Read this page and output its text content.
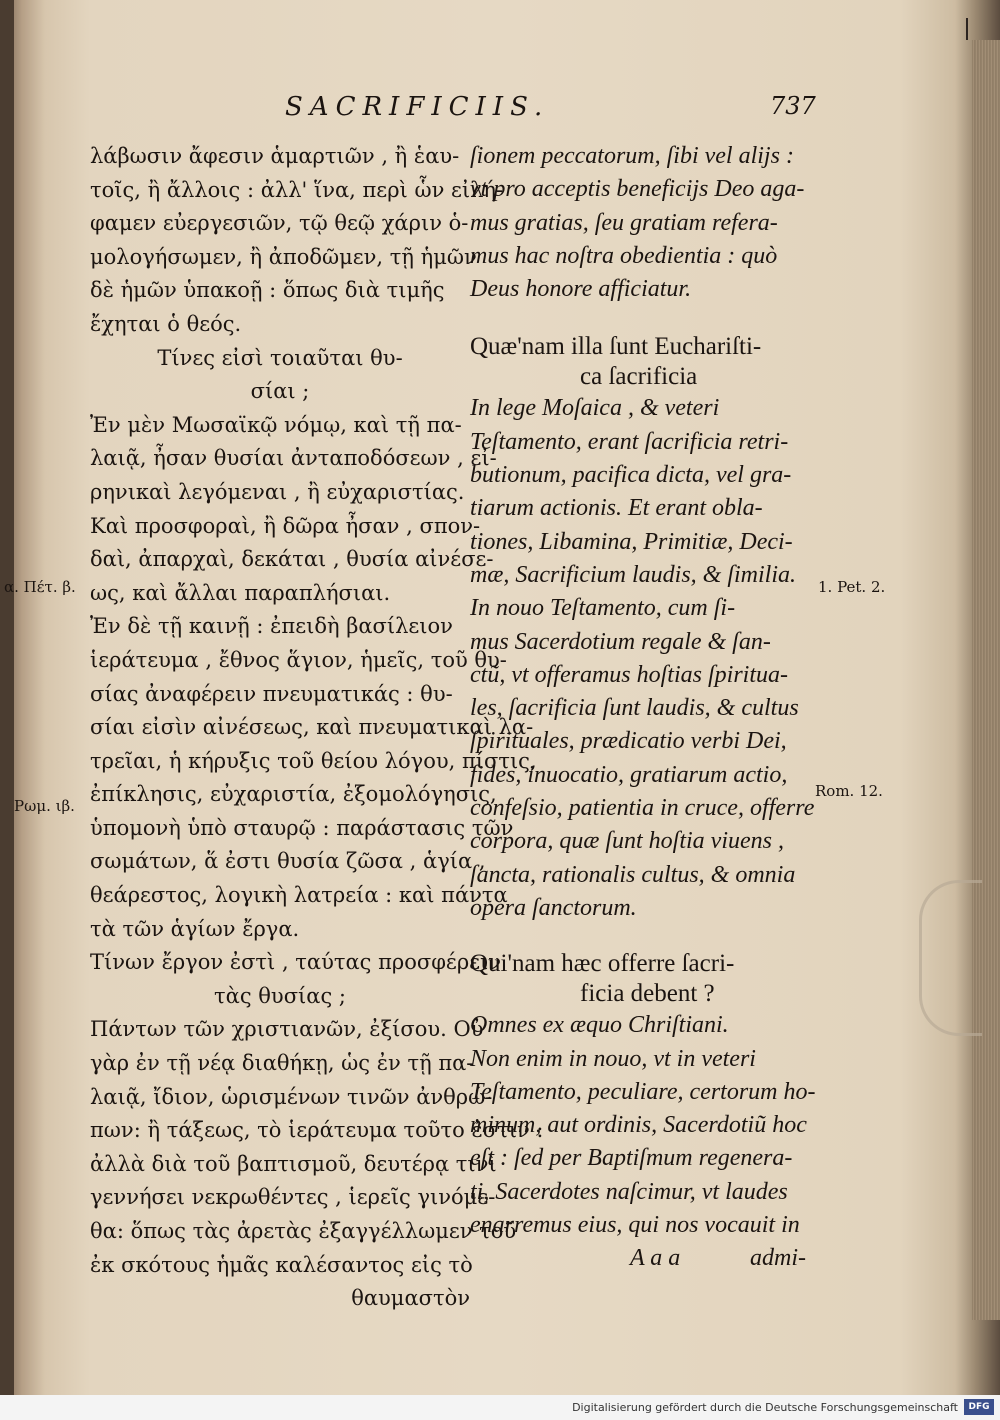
SACRIFICIIS.	737
λάβωσιν ἄφεσιν ἁμαρτιῶν , ἢ ἑαυ-
τοῖς, ἢ ἄλλοις : ἀλλ' ἵνα, περὶ ὧν εἰλή-
φαμεν εὐεργεσιῶν, τῷ θεῷ χάριν ὁ-
μολογήσωμεν, ἢ ἀποδῶμεν, τῇ ἡμῶν
δὲ ἡμῶν ὑπακοῇ : ὅπως διὰ τιμῆς
ἔχηται ὁ θεός.
Τίνες εἰσὶ τοιαῦται θυ-
σίαι ;
Ἐν μὲν Μωσαϊκῷ νόμῳ, καὶ τῇ πα-
λαιᾷ, ἦσαν θυσίαι ἀνταποδόσεων , εἰ-
ρηνικαὶ λεγόμεναι , ἢ εὐχαριστίας.
Καὶ προσφοραὶ, ἢ δῶρα ἦσαν , σπον-
δαὶ, ἀπαρχαὶ, δεκάται , θυσία αἰνέσε-
ως, καὶ ἄλλαι παραπλήσιαι.
Ἐν δὲ τῇ καινῇ : ἐπειδὴ βασίλειον
ἱεράτευμα , ἔθνος ἅγιον, ἡμεῖς, τοῦ θυ-
σίας ἀναφέρειν πνευματικάς : θυ-
σίαι εἰσὶν αἰνέσεως, καὶ πνευματικαὶ λα-
τρεῖαι, ἡ κήρυξις τοῦ θείου λόγου, πίστις,
ἐπίκλησις, εὐχαριστία, ἐξομολόγησις,
ὑπομονὴ ὑπὸ σταυρῷ : παράστασις τῶν
σωμάτων, ἅ ἐστι θυσία ζῶσα , ἁγία ,
θεάρεστος, λογικὴ λατρεία : καὶ πάντα
τὰ τῶν ἁγίων ἔργα.
Τίνων ἔργον ἐστὶ , ταύτας προσφέρειν
τὰς θυσίας ;
Πάντων τῶν χριστιανῶν, ἐξίσου. Οὐ
γὰρ ἐν τῇ νέᾳ διαθήκῃ, ὡς ἐν τῇ πα-
λαιᾷ, ἴδιον, ὡρισμένων τινῶν ἀνθρώ-
πων: ἢ τάξεως, τὸ ἱεράτευμα τοῦτο ἐστιν :
ἀλλὰ διὰ τοῦ βαπτισμοῦ, δευτέρᾳ τινὶ
γεννήσει νεκρωθέντες , ἱερεῖς γινόμε-
θα: ὅπως τὰς ἀρετὰς ἐξαγγέλλωμεν τοῦ
ἐκ σκότους ἡμᾶς καλέσαντος εἰς τὸ
θαυμαστὸν
ſionem peccatorum, ſibi vel aliјs :
vt pro acceptis beneficijs Deo aga-
mus gratias, ſeu gratiam refera-
mus hac noſtra obedientia : quò
Deus honore afficiatur.
Quæ'nam illa ſunt Euchariſti-
ca ſacrificia
In lege Moſaica , & veteri
Teſtamento, erant ſacrificia retri-
butionum, pacifica dicta, vel gra-
tiarum actionis. Et erant obla-
tiones, Libamina, Primitiæ, Deci-
mæ, Sacrificium laudis, & ſimilia.
In nouo Teſtamento, cum ſi-
mus Sacerdotium regale & ſan-
ctũ, vt offeramus hoſtias ſpiritua-
les, ſacrificia ſunt laudis, & cultus
ſpirituales, prædicatio verbi Dei,
fides, inuocatio, gratiarum actio,
confeſsio, patientia in cruce, offerre
corpora, quæ ſunt hoſtia viuens ,
ſancta, rationalis cultus, & omnia
opera ſanctorum.
Qui'nam hæc offerre ſacri-
ficia debent ?
Omnes ex æquo Chriſtiani.
Non enim in nouo, vt in veteri
Teſtamento, peculiare, certorum ho-
minum, aut ordinis, Sacerdotiũ hoc
eſt : ſed per Baptiſmum regenera-
ti, Sacerdotes naſcimur, vt laudes
enarremus eius, qui nos vocauit in
A a a	admi-
α. Πέτ. β.
Ρωμ. ιβ.
1. Pet. 2.
Rom. 12.
Digitalisierung gefördert durch die Deutsche Forschungsgemeinschaft	DFG
